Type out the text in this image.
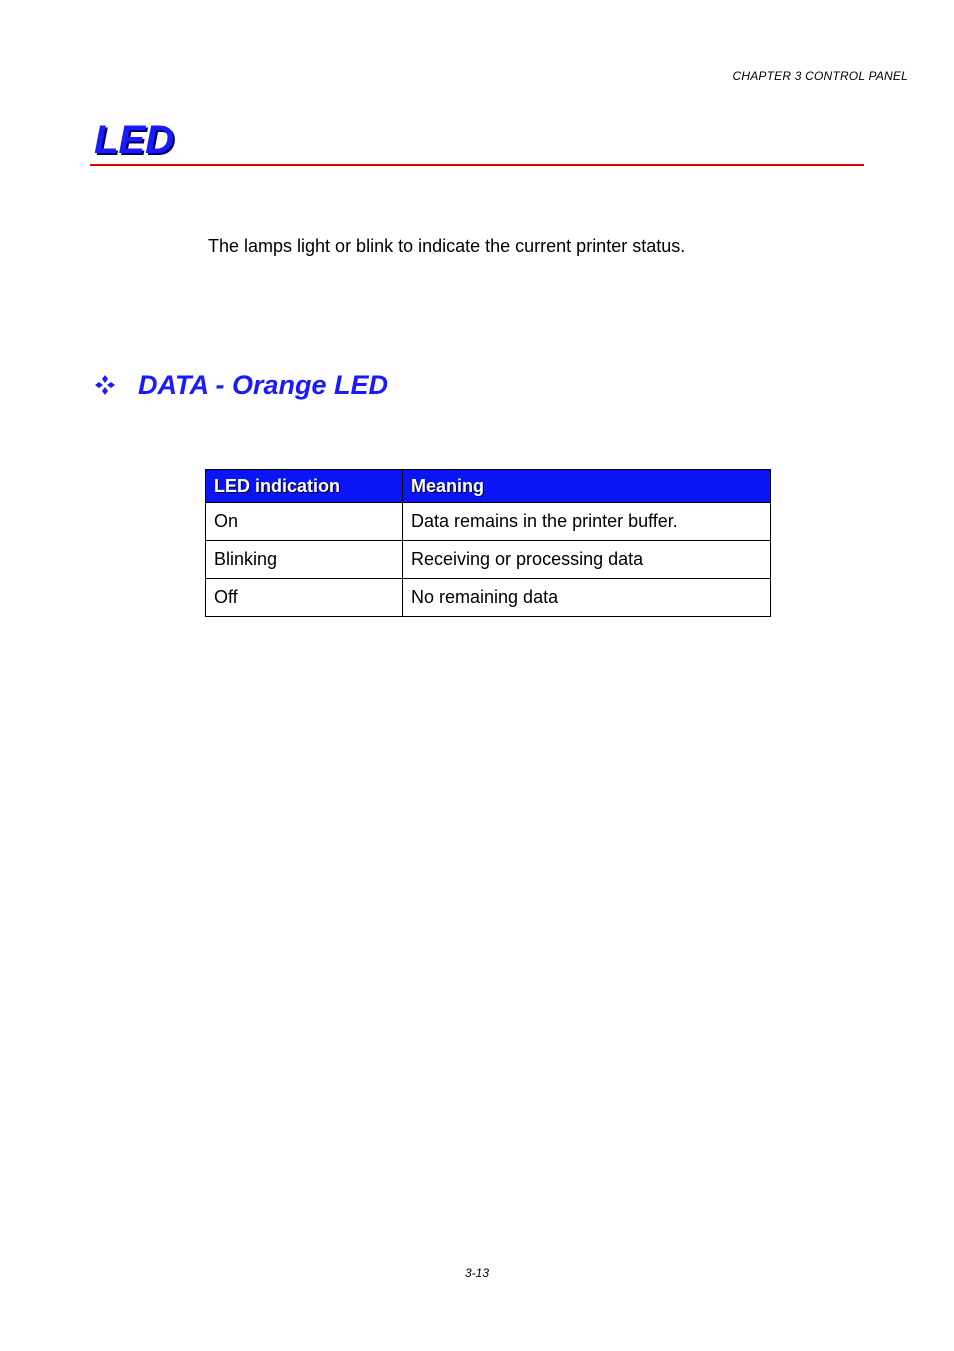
CHAPTER 3 CONTROL PANEL
LED

The lamps light or blink to indicate the current printer status.

DATA - Orange LED
LED indication	Meaning
On	Data remains in the printer buffer.
Blinking	Receiving or processing data
Off	No remaining data
3-13
